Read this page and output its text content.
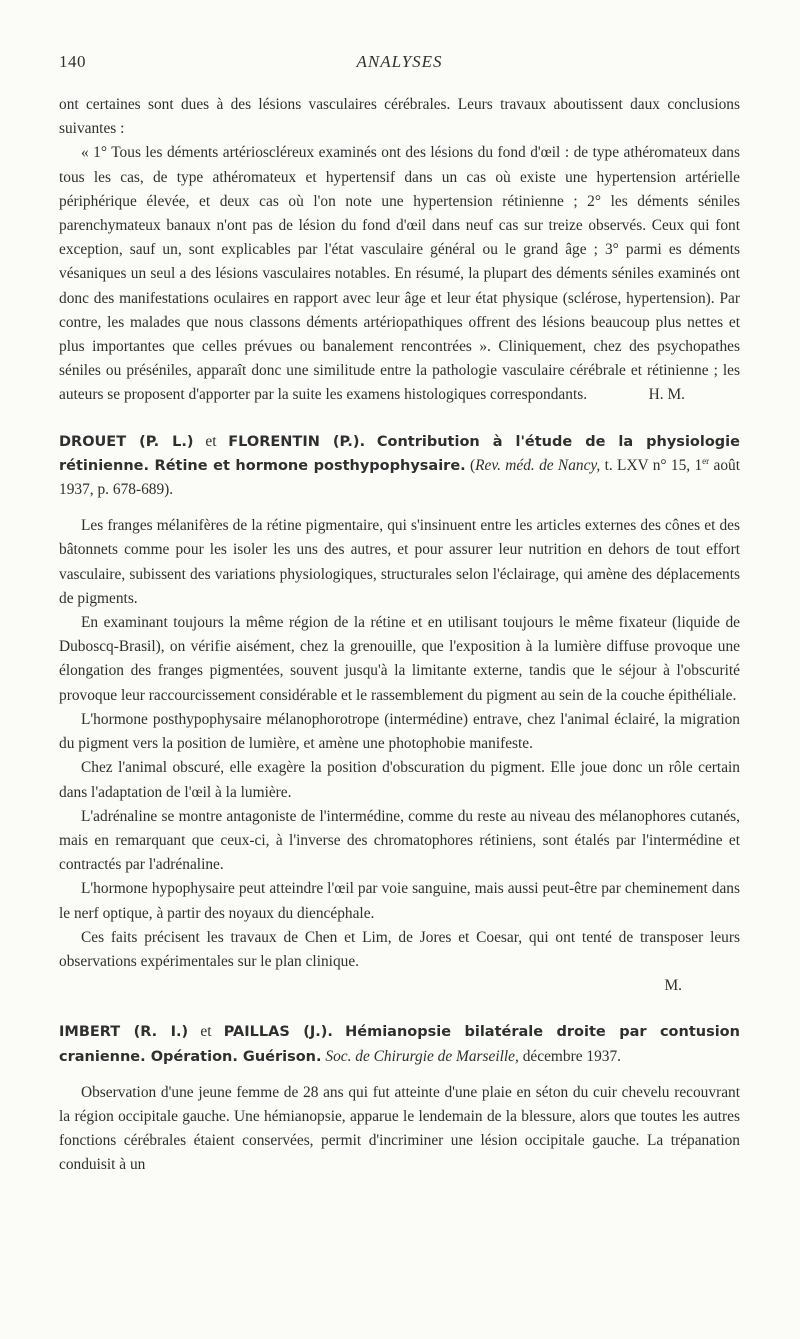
140	ANALYSES

ont certaines sont dues à des lésions vasculaires cérébrales. Leurs travaux aboutissent daux conclusions suivantes :

« 1° Tous les déments artérioscléreux examinés ont des lésions du fond d'œil : de type athéromateux dans tous les cas, de type athéromateux et hypertensif dans un cas où existe une hypertension artérielle périphérique élevée, et deux cas où l'on note une hypertension rétinienne ; 2° les déments séniles parenchymateux banaux n'ont pas de lésion du fond d'œil dans neuf cas sur treize observés. Ceux qui font exception, sauf un, sont explicables par l'état vasculaire général ou le grand âge ; 3° parmi es déments vésaniques un seul a des lésions vasculaires notables. En résumé, la plupart des déments séniles examinés ont donc des manifestations oculaires en rapport avec leur âge et leur état physique (sclérose, hypertension). Par contre, les malades que nous classons déments artériopathiques offrent des lésions beaucoup plus nettes et plus importantes que celles prévues ou banalement rencontrées ». Cliniquement, chez des psychopathes séniles ou préséniles, apparaît donc une similitude entre la pathologie vasculaire cérébrale et rétinienne ; les auteurs se proposent d'apporter par la suite les examens histologiques correspondants.	H. M.

DROUET (P. L.) et FLORENTIN (P.). Contribution à l'étude de la physiologie rétinienne. Rétine et hormone posthypophysaire. (Rev. méd. de Nancy, t. LXV n° 15, 1er août 1937, p. 678-689).

Les franges mélanifères de la rétine pigmentaire, qui s'insinuent entre les articles externes des cônes et des bâtonnets comme pour les isoler les uns des autres, et pour assurer leur nutrition en dehors de tout effort vasculaire, subissent des variations physiologiques, structurales selon l'éclairage, qui amène des déplacements de pigments.

En examinant toujours la même région de la rétine et en utilisant toujours le même fixateur (liquide de Duboscq-Brasil), on vérifie aisément, chez la grenouille, que l'exposition à la lumière diffuse provoque une élongation des franges pigmentées, souvent jusqu'à la limitante externe, tandis que le séjour à l'obscurité provoque leur raccourcissement considérable et le rassemblement du pigment au sein de la couche épithéliale.

L'hormone posthypophysaire mélanophorotrope (intermédine) entrave, chez l'animal éclairé, la migration du pigment vers la position de lumière, et amène une photophobie manifeste.

Chez l'animal obscuré, elle exagère la position d'obscuration du pigment. Elle joue donc un rôle certain dans l'adaptation de l'œil à la lumière.

L'adrénaline se montre antagoniste de l'intermédine, comme du reste au niveau des mélanophores cutanés, mais en remarquant que ceux-ci, à l'inverse des chromatophores rétiniens, sont étalés par l'intermédine et contractés par l'adrénaline.

L'hormone hypophysaire peut atteindre l'œil par voie sanguine, mais aussi peut-être par cheminement dans le nerf optique, à partir des noyaux du diencéphale.

Ces faits précisent les travaux de Chen et Lim, de Jores et Coesar, qui ont tenté de transposer leurs observations expérimentales sur le plan clinique.

M.

IMBERT (R. I.) et PAILLAS (J.). Hémianopsie bilatérale droite par contusion cranienne. Opération. Guérison. Soc. de Chirurgie de Marseille, décembre 1937.

Observation d'une jeune femme de 28 ans qui fut atteinte d'une plaie en séton du cuir chevelu recouvrant la région occipitale gauche. Une hémianopsie, apparue le lendemain de la blessure, alors que toutes les autres fonctions cérébrales étaient conservées, permit d'incriminer une lésion occipitale gauche. La trépanation conduisit à un
